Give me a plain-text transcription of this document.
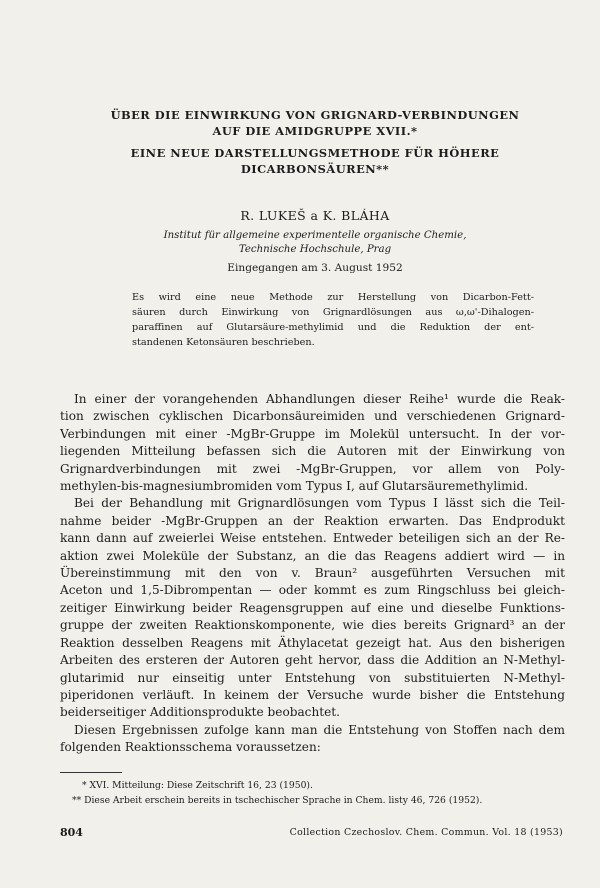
ÜBER DIE EINWIRKUNG VON GRIGNARD-VERBINDUNGEN

AUF DIE AMIDGRUPPE XVII.*

EINE NEUE DARSTELLUNGSMETHODE FÜR HÖHERE

DICARBONSÄUREN**

R. LUKEŠ a K. BLÁHA
Institut für allgemeine experimentelle organische Chemie,
Technische Hochschule, Prag
Eingegangen am 3. August 1952
Es wird eine neue Methode zur Herstellung von Dicarbon-Fett-
säuren durch Einwirkung von Grignardlösungen aus ω,ω'-Dihalogen-
paraffinen auf Glutarsäure-methylimid und die Reduktion der ent-
standenen Ketonsäuren beschrieben.
In einer der vorangehenden Abhandlungen dieser Reihe¹ wurde die Reak-
tion zwischen cyklischen Dicarbonsäureimiden und verschiedenen Grignard-
Verbindungen mit einer -MgBr-Gruppe im Molekül untersucht. In der vor-
liegenden Mitteilung befassen sich die Autoren mit der Einwirkung von
Grignardverbindungen mit zwei -MgBr-Gruppen, vor allem von Poly-
methylen-bis-magnesiumbromiden vom Typus I, auf Glutarsäuremethylimid.
Bei der Behandlung mit Grignardlösungen vom Typus I lässt sich die Teil-
nahme beider -MgBr-Gruppen an der Reaktion erwarten. Das Endprodukt
kann dann auf zweierlei Weise entstehen. Entweder beteiligen sich an der Re-
aktion zwei Moleküle der Substanz, an die das Reagens addiert wird — in
Übereinstimmung mit den von v. Braun² ausgeführten Versuchen mit
Aceton und 1,5-Dibrompentan — oder kommt es zum Ringschluss bei gleich-
zeitiger Einwirkung beider Reagensgruppen auf eine und dieselbe Funktions-
gruppe der zweiten Reaktionskomponente, wie dies bereits Grignard³ an der
Reaktion desselben Reagens mit Äthylacetat gezeigt hat. Aus den bisherigen
Arbeiten des ersteren der Autoren geht hervor, dass die Addition an N-Methyl-
glutarimid nur einseitig unter Entstehung von substituierten N-Methyl-
piperidonen verläuft. In keinem der Versuche wurde bisher die Entstehung
beiderseitiger Additionsprodukte beobachtet.
Diesen Ergebnissen zufolge kann man die Entstehung von Stoffen nach dem
folgenden Reaktionsschema voraussetzen:
* XVI. Mitteilung: Diese Zeitschrift 16, 23 (1950).
** Diese Arbeit erschein bereits in tschechischer Sprache in Chem. listy 46, 726 (1952).
804	Collection Czechoslov. Chem. Commun. Vol. 18 (1953)
